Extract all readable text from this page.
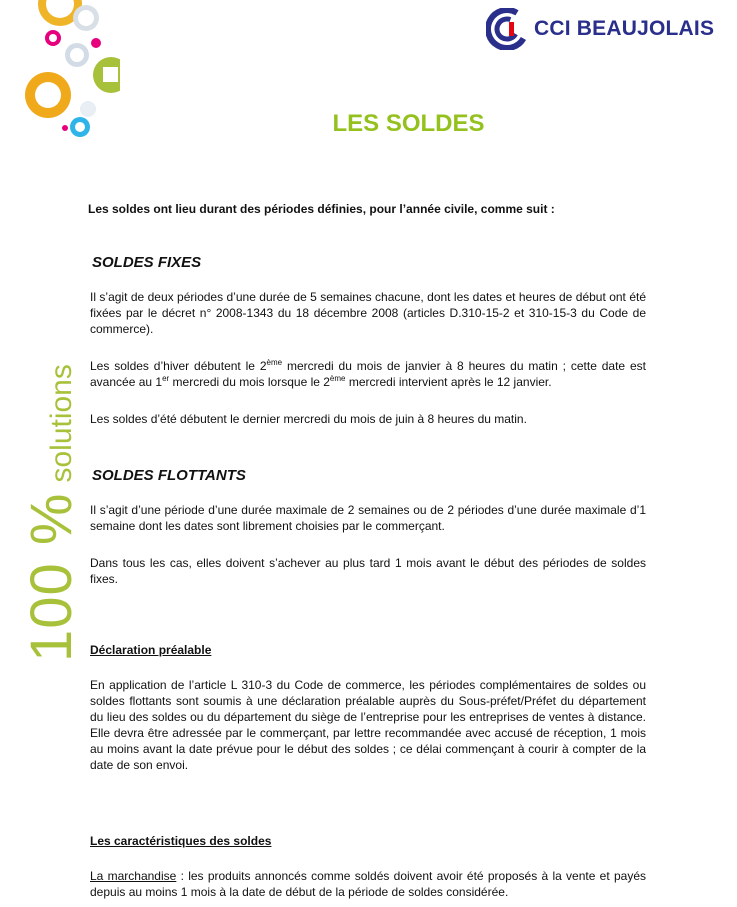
CCI BEAUJOLAIS
100 %solutions
LES SOLDES
Les soldes ont lieu durant des périodes définies, pour l’année civile, comme suit :
SOLDES FIXES

Il s’agit de deux périodes d’une durée de 5 semaines chacune, dont les dates et heures de début ont été fixées par le décret n° 2008-1343 du 18 décembre 2008 (articles D.310-15-2 et 310-15-3 du Code de commerce).

Les soldes d’hiver débutent le 2ème mercredi du mois de janvier à 8 heures du matin ; cette date est avancée au 1er mercredi du mois lorsque le 2ème mercredi intervient après le 12 janvier.

Les soldes d’été débutent le dernier mercredi du mois de juin à 8 heures du matin.

SOLDES FLOTTANTS

Il s’agit d’une période d’une durée maximale de 2 semaines ou de 2 périodes d’une durée maximale d’1 semaine dont les dates sont librement choisies par le commerçant.

Dans tous les cas, elles doivent s’achever au plus tard 1 mois avant le début des périodes de soldes fixes.

Déclaration préalable

En application de l’article L 310-3 du Code de commerce, les périodes complémentaires de soldes ou soldes flottants sont soumis à une déclaration préalable auprès du Sous-préfet/Préfet du département du lieu des soldes ou du département du siège de l’entreprise pour les entreprises de ventes à distance. Elle devra être adressée par le commerçant, par lettre recommandée avec accusé de réception, 1 mois au moins avant la date prévue pour le début des soldes ; ce délai commençant à courir à compter de la date de son envoi.

Les caractéristiques des soldes

La marchandise : les produits annoncés comme soldés doivent avoir été proposés à la vente et payés depuis au moins 1 mois à la date de début de la période de soldes considérée.
